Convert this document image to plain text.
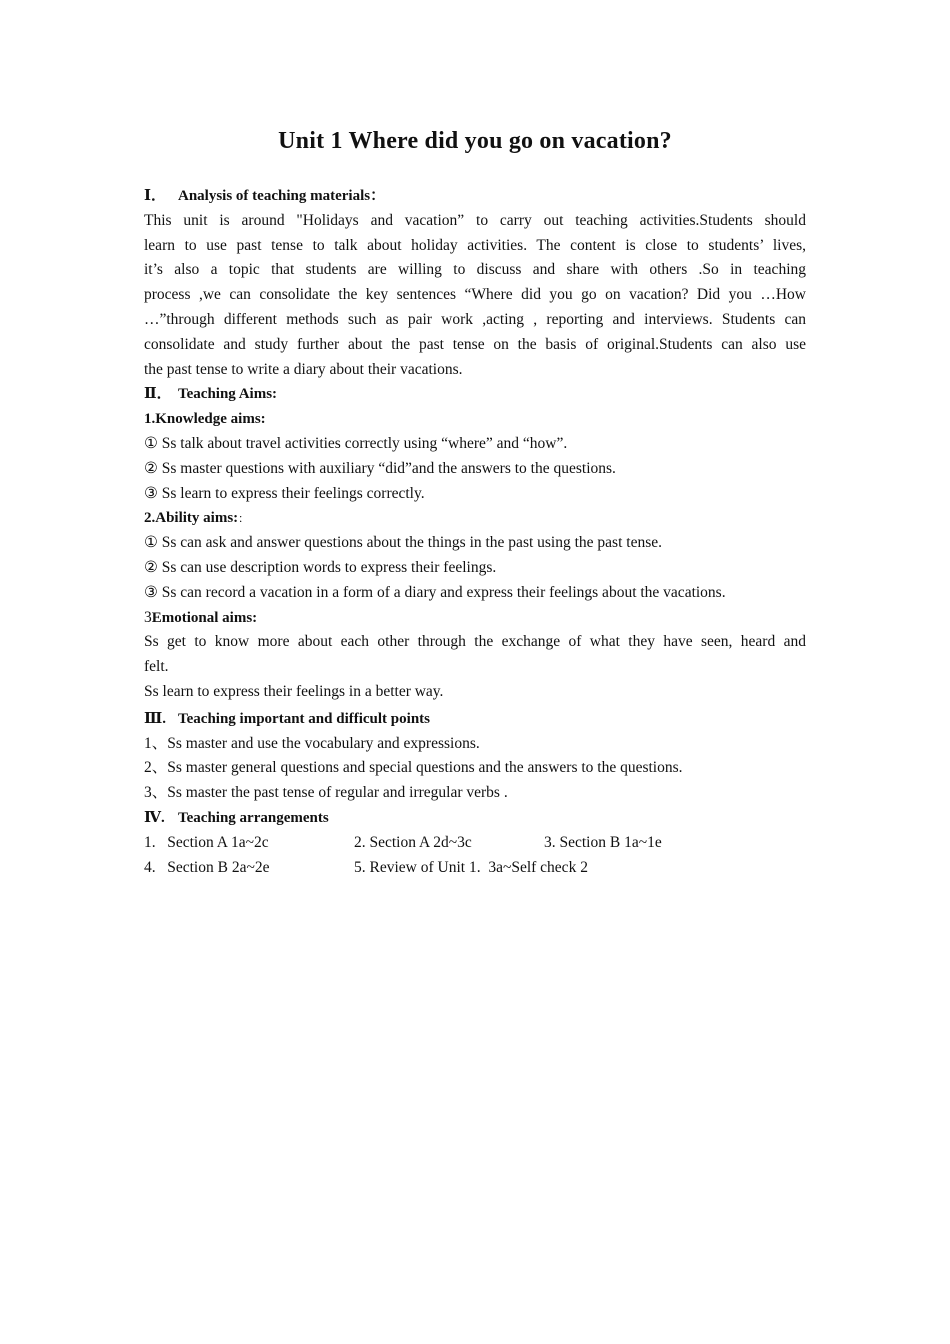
Unit 1 Where did you go on vacation?
Ⅰ． Analysis of teaching materials：
This unit is around "Holidays and vacation” to carry out teaching activities.Students should
learn to use past tense to talk about holiday activities. The content is close to students’ lives,
it’s also a topic that students are willing to discuss and share with others .So in teaching
process ,we can consolidate the key sentences “Where did you go on vacation? Did you …How
…”through different methods such as pair work ,acting , reporting and interviews. Students can
consolidate and study further about the past tense on the basis of original.Students can also use
the past tense to write a diary about their vacations.
Ⅱ． Teaching Aims:
1.Knowledge aims:
① Ss talk about travel activities correctly using “where” and “how”.
② Ss master questions with auxiliary “did”and the answers to the questions.
③ Ss learn to express their feelings correctly.
2.Ability aims:：
① Ss can ask and answer questions about the things in the past using the past tense.
② Ss can use description words to express their feelings.
③ Ss can record a vacation in a form of a diary and express their feelings about the vacations.
3Emotional aims:
Ss get to know more about each other through the exchange of what they have seen, heard and
felt.
Ss learn to express their feelings in a better way.
Ⅲ. Teaching important and difficult points
1、Ss master and use the vocabulary and expressions.
2、Ss master general questions and special questions and the answers to the questions.
3、Ss master the past tense of regular and irregular verbs .
Ⅳ. Teaching arrangements
1.   Section A 1a~2c	2. Section A 2d~3c	3. Section B 1a~1e
4.   Section B 2a~2e	5. Review of Unit 1.  3a~Self check 2
